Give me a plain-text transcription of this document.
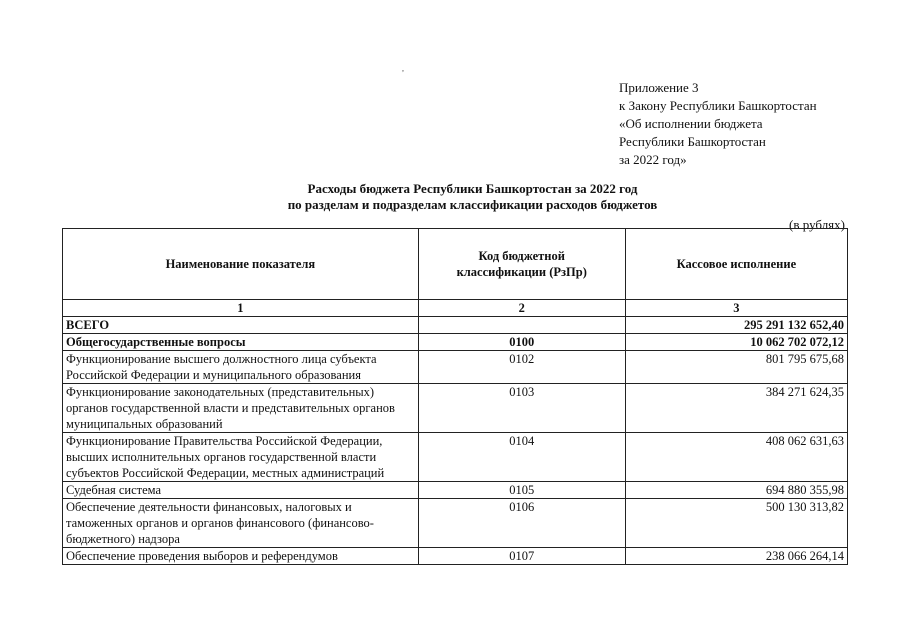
,
Приложение 3
к Закону Республики Башкортостан
«Об исполнении бюджета
Республики Башкортостан
за 2022 год»
Расходы бюджета Республики Башкортостан за 2022 год
по разделам и подразделам классификации расходов бюджетов
(в рублях)
Наименование показателя	Код бюджетной классификации (РзПр)	Кассовое исполнение
1	2	3
ВСЕГО		295 291 132 652,40
Общегосударственные вопросы	0100	10 062 702 072,12
Функционирование высшего должностного лица субъекта Российской Федерации и муниципального образования	0102	801 795 675,68
Функционирование законодательных (представительных) органов государственной власти и представительных органов муниципальных образований	0103	384 271 624,35
Функционирование Правительства Российской Федерации, высших исполнительных органов государственной власти субъектов Российской Федерации, местных администраций	0104	408 062 631,63
Судебная система	0105	694 880 355,98
Обеспечение деятельности финансовых, налоговых и таможенных органов и органов финансового (финансово-бюджетного) надзора	0106	500 130 313,82
Обеспечение проведения выборов и референдумов	0107	238 066 264,14
